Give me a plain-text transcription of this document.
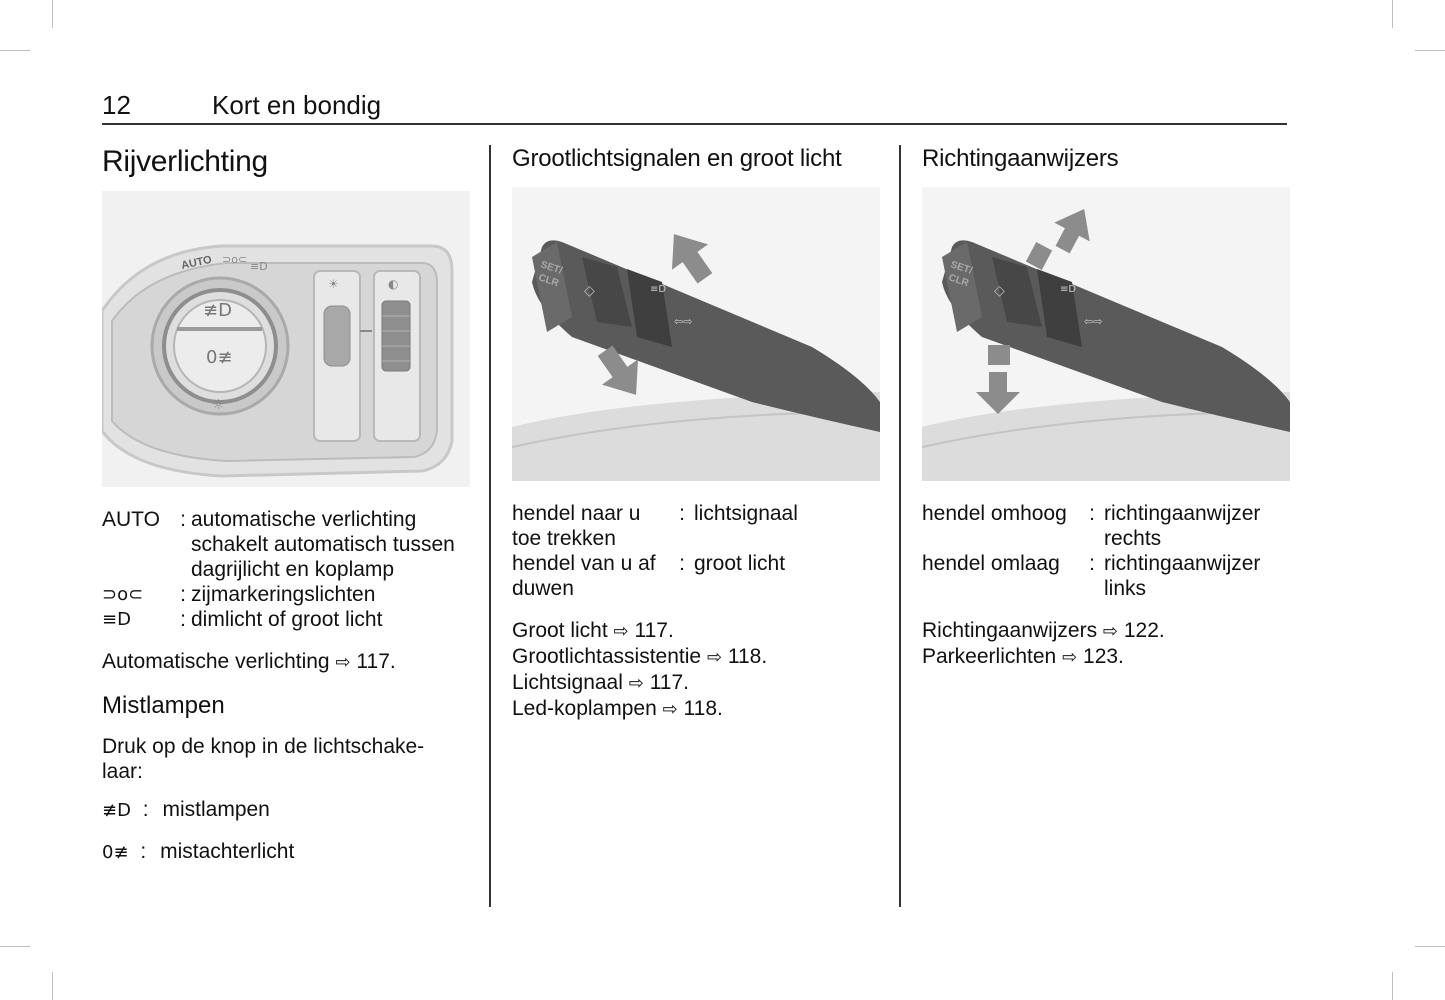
12	Kort en bondig
Rijverlichting
≢D
0≢
AUTO ⊃o⊂
≡D
☼
☀	◐
AUTO : automatische verlichting schakelt automatisch tussen dagrijlicht en koplamp
⊃o⊂	: zijmarkeringslichten
≡D	: dimlicht of groot licht

Automatische verlichting ⇨ 117.

Mistlampen

Druk op de knop in de lichtschake-laar:

≢D : mistlampen

0≢ : mistachterlicht

Grootlichtsignalen en groot licht
SET/
CLR
◇	≡D
⇦⇨
hendel naar u toe trekken
: lichtsignaal
hendel van u af duwen
: groot licht

Groot licht ⇨ 117.

Grootlichtassistentie ⇨ 118.

Lichtsignaal ⇨ 117.

Led-koplampen ⇨ 118.

Richtingaanwijzers
SET/
CLR
◇	≡D
⇦⇨
hendel omhoog	: richtingaanwijzer rechts
hendel omlaag	: richtingaanwijzer links

Richtingaanwijzers ⇨ 122.

Parkeerlichten ⇨ 123.
